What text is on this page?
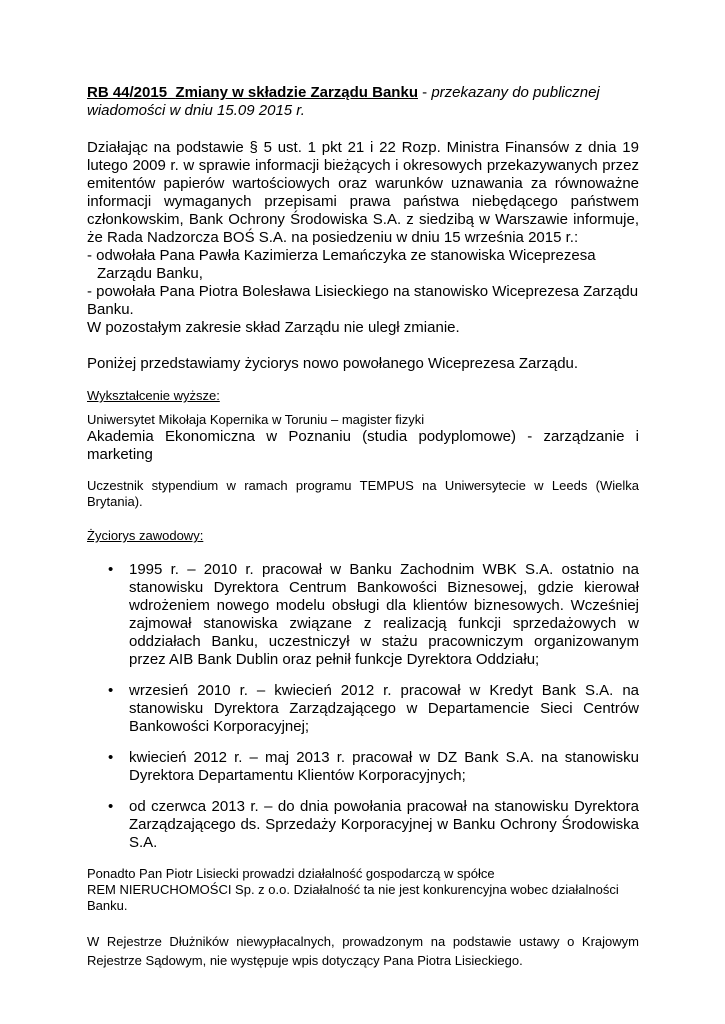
RB 44/2015 Zmiany w składzie Zarządu Banku - przekazany do publicznej
wiadomości w dniu 15.09 2015 r.

Działając na podstawie § 5 ust. 1 pkt 21 i 22 Rozp. Ministra Finansów z dnia 19 lutego 2009 r. w sprawie informacji bieżących i okresowych przekazywanych przez emitentów papierów wartościowych oraz warunków uznawania za równoważne informacji wymaganych przepisami prawa państwa niebędącego państwem członkowskim, Bank Ochrony Środowiska S.A. z siedzibą w Warszawie informuje, że Rada Nadzorcza BOŚ S.A. na posiedzeniu w dniu 15 września 2015 r.:

- odwołała Pana Pawła Kazimierza Lemańczyka ze stanowiska Wiceprezesa
Zarządu Banku,
- powołała Pana Piotra Bolesława Lisieckiego na stanowisko Wiceprezesa Zarządu
Banku.

W pozostałym zakresie skład Zarządu nie uległ zmianie.

Poniżej przedstawiamy życiorys nowo powołanego Wiceprezesa Zarządu.

Wykształcenie wyższe:

Uniwersytet Mikołaja Kopernika w Toruniu – magister fizyki

Akademia Ekonomiczna w Poznaniu (studia podyplomowe) - zarządzanie i marketing

Uczestnik stypendium w ramach programu TEMPUS na Uniwersytecie w Leeds (Wielka Brytania).

Życiorys zawodowy:

• 1995 r. – 2010 r. pracował w Banku Zachodnim WBK S.A. ostatnio na stanowisku Dyrektora Centrum Bankowości Biznesowej, gdzie kierował wdrożeniem nowego modelu obsługi dla klientów biznesowych. Wcześniej zajmował stanowiska związane z realizacją funkcji sprzedażowych w oddziałach Banku, uczestniczył w stażu pracowniczym organizowanym przez AIB Bank Dublin oraz pełnił funkcje Dyrektora Oddziału;
• wrzesień 2010 r. – kwiecień 2012 r. pracował w Kredyt Bank S.A. na stanowisku Dyrektora Zarządzającego w Departamencie Sieci Centrów Bankowości Korporacyjnej;
• kwiecień 2012 r. – maj 2013 r. pracował w DZ Bank S.A. na stanowisku Dyrektora Departamentu Klientów Korporacyjnych;
• od czerwca 2013 r. – do dnia powołania pracował na stanowisku Dyrektora Zarządzającego ds. Sprzedaży Korporacyjnej w Banku Ochrony Środowiska S.A.
Ponadto Pan Piotr Lisiecki prowadzi działalność gospodarczą w spółce
REM NIERUCHOMOŚCI Sp. z o.o. Działalność ta nie jest konkurencyjna wobec działalności Banku.

W Rejestrze Dłużników niewypłacalnych, prowadzonym na podstawie ustawy o Krajowym Rejestrze Sądowym, nie występuje wpis dotyczący Pana Piotra Lisieckiego.
